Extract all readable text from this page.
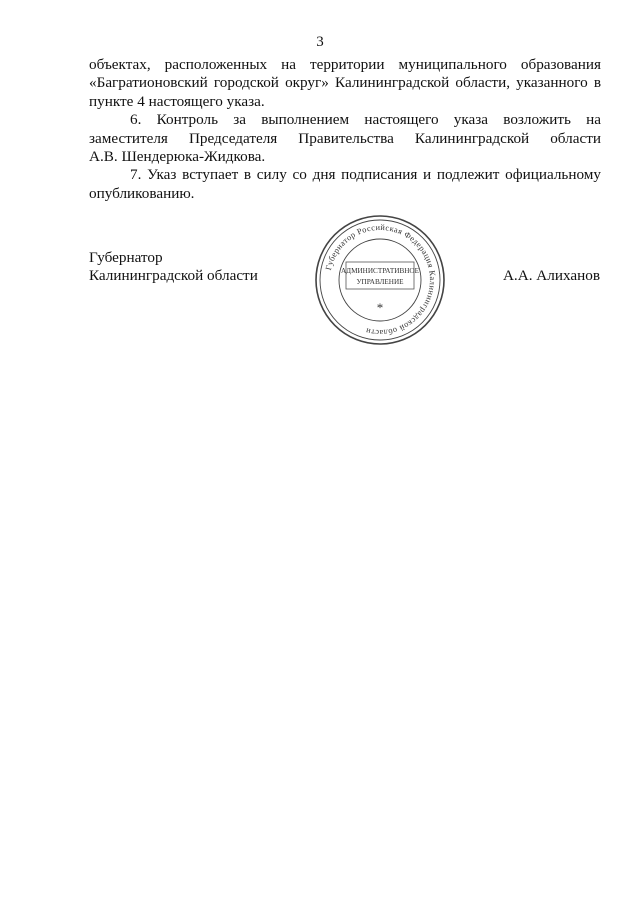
3

объектах, расположенных на территории муниципального образования
«Багратионовский городской округ» Калининградской области, указанного в
пункте 4 настоящего указа.

6. Контроль за выполнением настоящего указа возложить на
заместителя Председателя Правительства Калининградской области
А.В. Шендерюка-Жидкова.

7. Указ вступает в силу со дня подписания и подлежит официальному
опубликованию.

Губернатор
Калининградской области	Губернатор Российская Федерация Калининградской области
АДМИНИСТРАТИВНОЕ
УПРАВЛЕНИЕ
*
А.А. Алиханов
